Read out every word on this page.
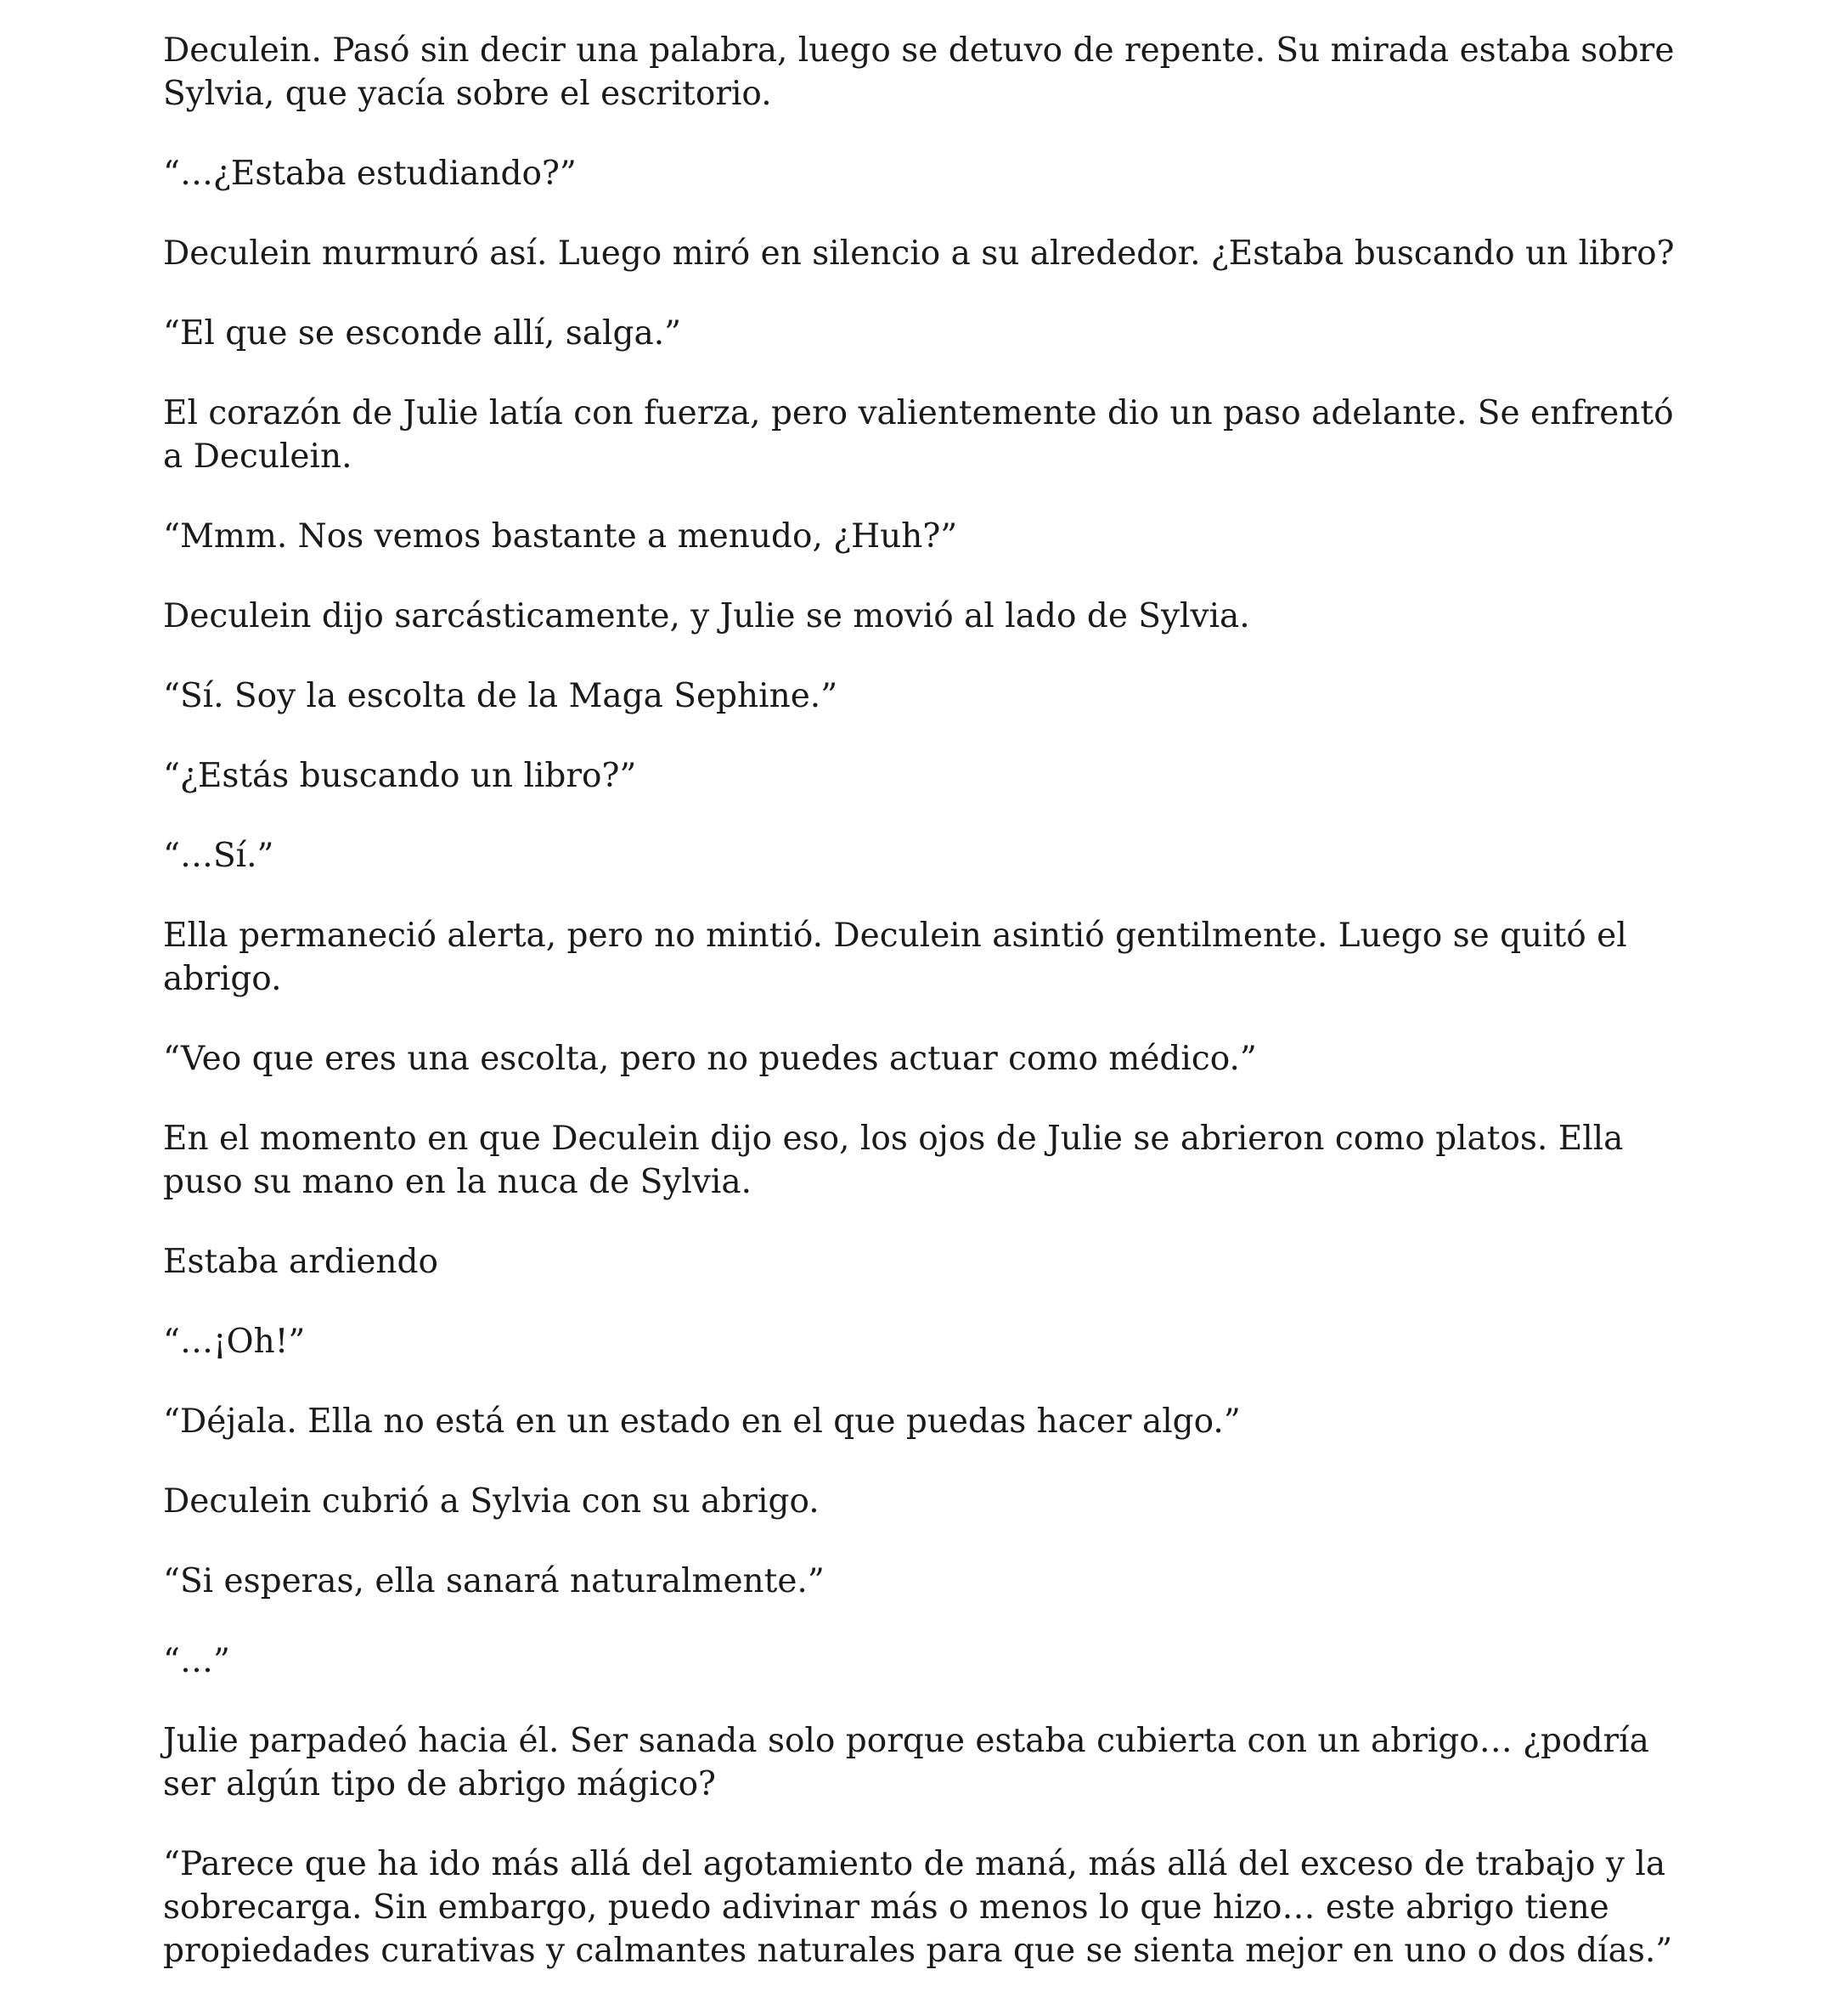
Deculein. Pasó sin decir una palabra, luego se detuvo de repente. Su mirada estaba sobre Sylvia, que yacía sobre el escritorio.

“…¿Estaba estudiando?”

Deculein murmuró así. Luego miró en silencio a su alrededor. ¿Estaba buscando un libro?

“El que se esconde allí, salga.”

El corazón de Julie latía con fuerza, pero valientemente dio un paso adelante. Se enfrentó a Deculein.

“Mmm. Nos vemos bastante a menudo, ¿Huh?”

Deculein dijo sarcásticamente, y Julie se movió al lado de Sylvia.

“Sí. Soy la escolta de la Maga Sephine.”

“¿Estás buscando un libro?”

“…Sí.”

Ella permaneció alerta, pero no mintió. Deculein asintió gentilmente. Luego se quitó el abrigo.

“Veo que eres una escolta, pero no puedes actuar como médico.”

En el momento en que Deculein dijo eso, los ojos de Julie se abrieron como platos. Ella puso su mano en la nuca de Sylvia.

Estaba ardiendo

“…¡Oh!”

“Déjala. Ella no está en un estado en el que puedas hacer algo.”

Deculein cubrió a Sylvia con su abrigo.

“Si esperas, ella sanará naturalmente.”

“…”

Julie parpadeó hacia él. Ser sanada solo porque estaba cubierta con un abrigo… ¿podría ser algún tipo de abrigo mágico?

“Parece que ha ido más allá del agotamiento de maná, más allá del exceso de trabajo y la sobrecarga. Sin embargo, puedo adivinar más o menos lo que hizo… este abrigo tiene propiedades curativas y calmantes naturales para que se sienta mejor en uno o dos días.”
